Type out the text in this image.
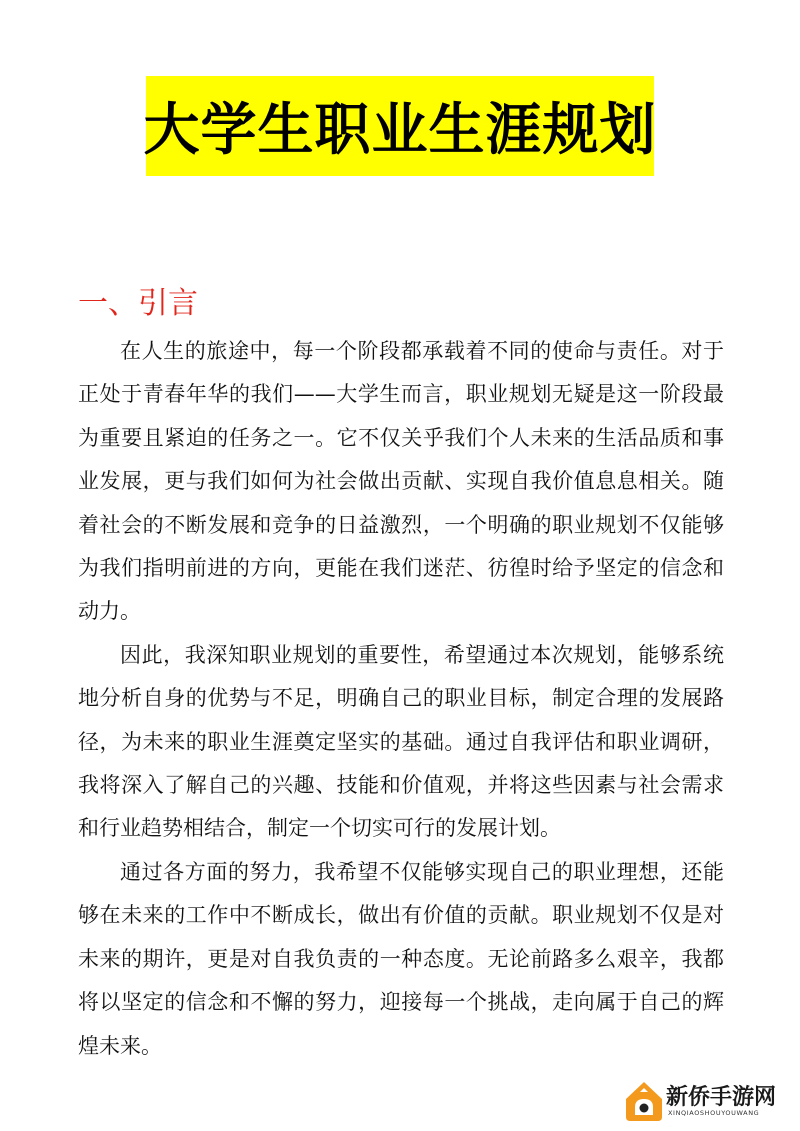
大学生职业生涯规划
一、引言

在人生的旅途中，每一个阶段都承载着不同的使命与责任。对于正处于青春年华的我们——大学生而言，职业规划无疑是这一阶段最为重要且紧迫的任务之一。它不仅关乎我们个人未来的生活品质和事业发展，更与我们如何为社会做出贡献、实现自我价值息息相关。随着社会的不断发展和竞争的日益激烈，一个明确的职业规划不仅能够为我们指明前进的方向，更能在我们迷茫、彷徨时给予坚定的信念和动力。

因此，我深知职业规划的重要性，希望通过本次规划，能够系统地分析自身的优势与不足，明确自己的职业目标，制定合理的发展路径，为未来的职业生涯奠定坚实的基础。通过自我评估和职业调研，我将深入了解自己的兴趣、技能和价值观，并将这些因素与社会需求和行业趋势相结合，制定一个切实可行的发展计划。

通过各方面的努力，我希望不仅能够实现自己的职业理想，还能够在未来的工作中不断成长，做出有价值的贡献。职业规划不仅是对未来的期许，更是对自我负责的一种态度。无论前路多么艰辛，我都将以坚定的信念和不懈的努力，迎接每一个挑战，走向属于自己的辉煌未来。

新侨手游网
XINQIAOSHOUYOUWANG
